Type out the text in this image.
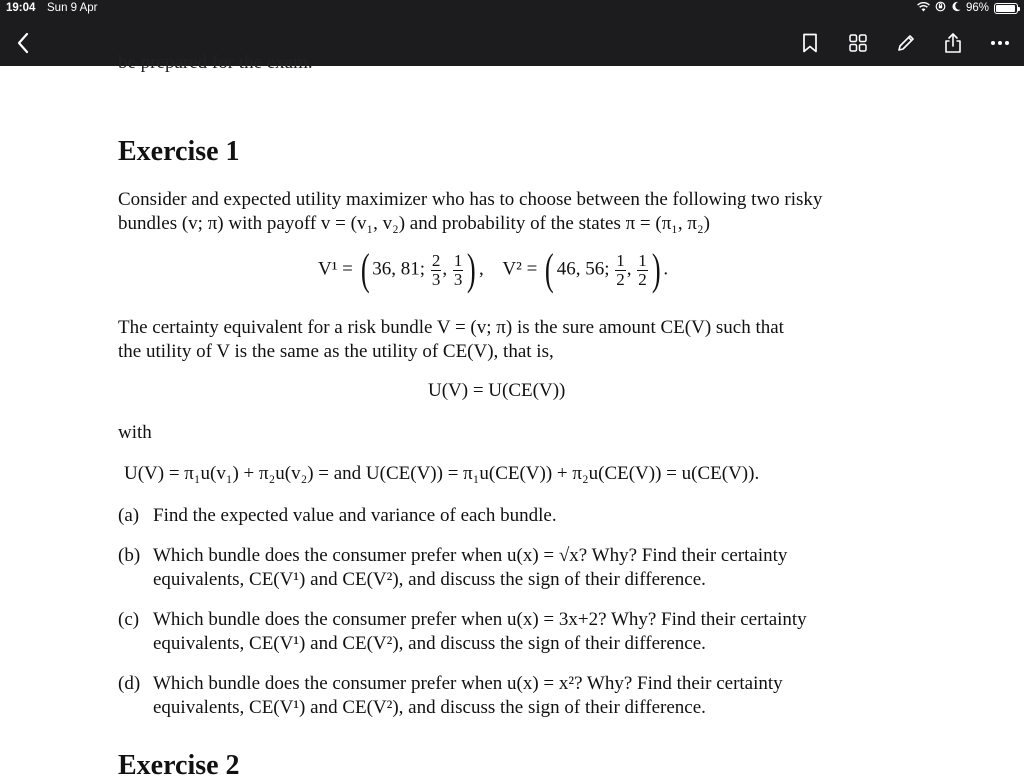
19:04 Sun 9 Apr	96%
be prepared for the exam.
Exercise 1
Consider and expected utility maximizer who has to choose between the following two risky
bundles (v; π) with payoff v = (v₁, v₂) and probability of the states π = (π₁, π₂)
V¹ = ( 36, 81; $\frac{2}{3}$ , $\frac{1}{3}$ ) ,    V² = ( 46, 56; $\frac{1}{2}$ , $\frac{1}{2}$ ) .
The certainty equivalent for a risk bundle V = (v; π) is the sure amount CE(V) such that
the utility of V is the same as the utility of CE(V), that is,
U(V) = U(CE(V))
with
U(V) = π₁u(v₁) + π₂u(v₂) = and U(CE(V)) = π₁u(CE(V)) + π₂u(CE(V)) = u(CE(V)).
(a) Find the expected value and variance of each bundle.
(b) Which bundle does the consumer prefer when u(x) = √x? Why? Find their certainty
equivalents, CE(V¹) and CE(V²), and discuss the sign of their difference.
(c) Which bundle does the consumer prefer when u(x) = 3x+2? Why? Find their certainty
equivalents, CE(V¹) and CE(V²), and discuss the sign of their difference.
(d) Which bundle does the consumer prefer when u(x) = x²? Why? Find their certainty
equivalents, CE(V¹) and CE(V²), and discuss the sign of their difference.
Exercise 2
